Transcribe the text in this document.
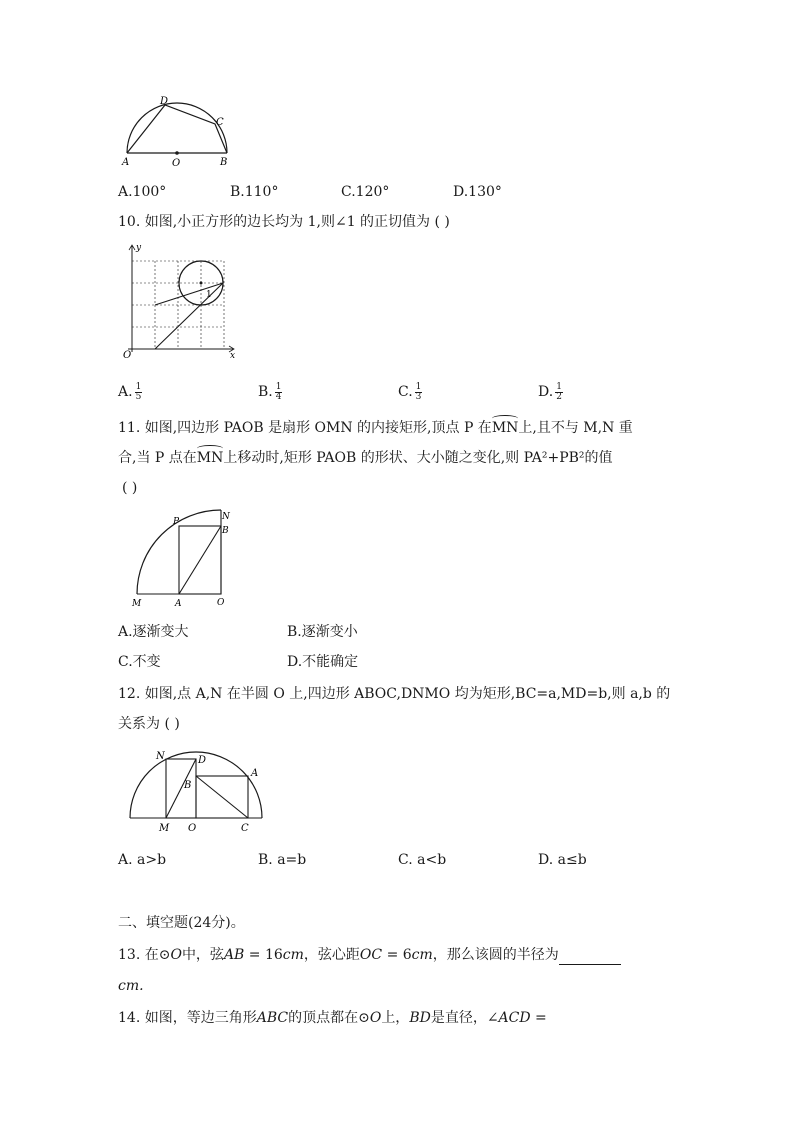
A	O	B
C
D
A.100°	B.110°	C.120°	D.130°
10. 如图,小正方形的边长均为 1,则∠1 的正切值为 ( )
y
x
O
1
A. $\frac{1}{5}$	B. $\frac{1}{4}$	C. $\frac{1}{3}$	D. $\frac{1}{2}$
11. 如图,四边形 PAOB 是扇形 OMN 的内接矩形,顶点 P 在MN上,且不与 M,N 重
合,当 P 点在MN上移动时,矩形 PAOB 的形状、大小随之变化,则 PA²+PB²的值
( )
P	N
B
M	A	O
A.逐渐变大	B.逐渐变小
C.不变	D.不能确定
12. 如图,点 A,N 在半圆 O 上,四边形 ABOC,DNMO 均为矩形,BC=a,MD=b,则 a,b 的
关系为 ( )
N	D
A
B
M O	C
A. a>b	B. a=b	C. a<b	D. a≤b
二、填空题(24分)。
13. 在⊙O中，弦AB = 16cm，弦心距OC = 6cm，那么该圆的半径为
cm.
14. 如图，等边三角形ABC的顶点都在⊙O上，BD是直径，∠ACD =
